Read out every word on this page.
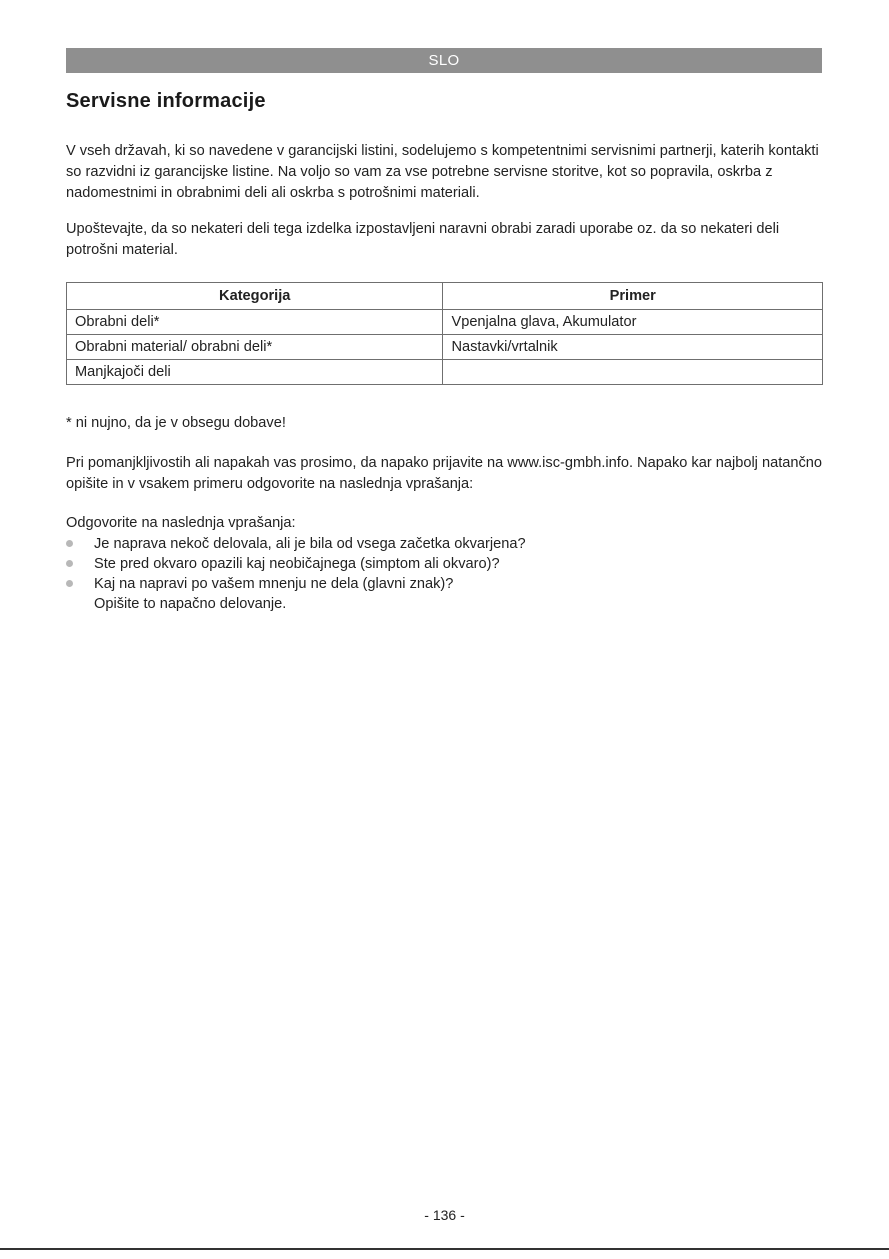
SLO
Servisne informacije

V vseh državah, ki so navedene v garancijski listini, sodelujemo s kompetentnimi servisnimi partnerji, katerih kontakti so razvidni iz garancijske listine. Na voljo so vam za vse potrebne servisne storitve, kot so popravila, oskrba z nadomestnimi in obrabnimi deli ali oskrba s potrošnimi materiali.

Upoštevajte, da so nekateri deli tega izdelka izpostavljeni naravni obrabi zaradi uporabe oz. da so nekateri deli potrošni material.

Kategorija	Primer
Obrabni deli*	Vpenjalna glava, Akumulator
Obrabni material/ obrabni deli*	Nastavki/vrtalnik
Manjkajoči deli	

* ni nujno, da je v obsegu dobave!

Pri pomanjkljivostih ali napakah vas prosimo, da napako prijavite na www.isc-gmbh.info. Napako kar najbolj natančno opišite in v vsakem primeru odgovorite na naslednja vprašanja:

Odgovorite na naslednja vprašanja:

Je naprava nekoč delovala, ali je bila od vsega začetka okvarjena?
Ste pred okvaro opazili kaj neobičajnega (simptom ali okvaro)?
Kaj na napravi po vašem mnenju ne dela (glavni znak)?
Opišite to napačno delovanje.
- 136 -
